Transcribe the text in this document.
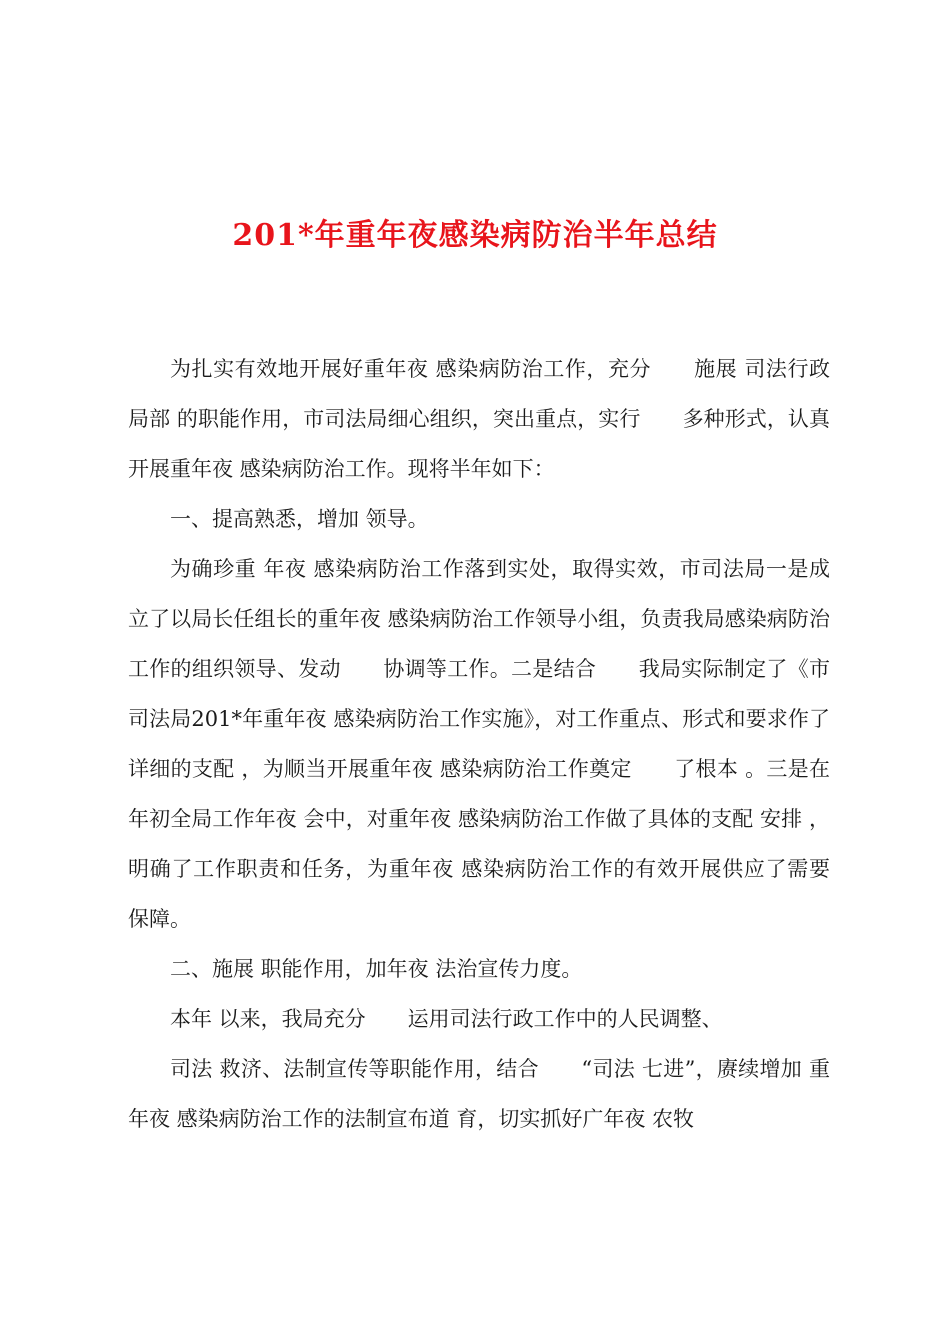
201*年重年夜感染病防治半年总结

为扎实有效地开展好重年夜 感染病防治工作，充分　　施展 司法行政局部 的职能作用，市司法局细心组织，突出重点，实行　　多种形式，认真开展重年夜 感染病防治工作。现将半年如下：

一、提高熟悉，增加 领导。

为确珍重 年夜 感染病防治工作落到实处，取得实效，市司法局一是成立了以局长任组长的重年夜 感染病防治工作领导小组，负责我局感染病防治工作的组织领导、发动　　协调等工作。二是结合　　我局实际制定了《市司法局201*年重年夜 感染病防治工作实施》，对工作重点、形式和要求作了详细的支配 ，为顺当开展重年夜 感染病防治工作奠定　　了根本 。三是在年初全局工作年夜 会中，对重年夜 感染病防治工作做了具体的支配 安排 ，明确了工作职责和任务，为重年夜 感染病防治工作的有效开展供应了需要 保障。

二、施展 职能作用，加年夜 法治宣传力度。

本年 以来，我局充分　　运用司法行政工作中的人民调整、

司法 救济、法制宣传等职能作用，结合　　“司法 七进”，赓续增加 重年夜 感染病防治工作的法制宣布道 育，切实抓好广年夜 农牧
